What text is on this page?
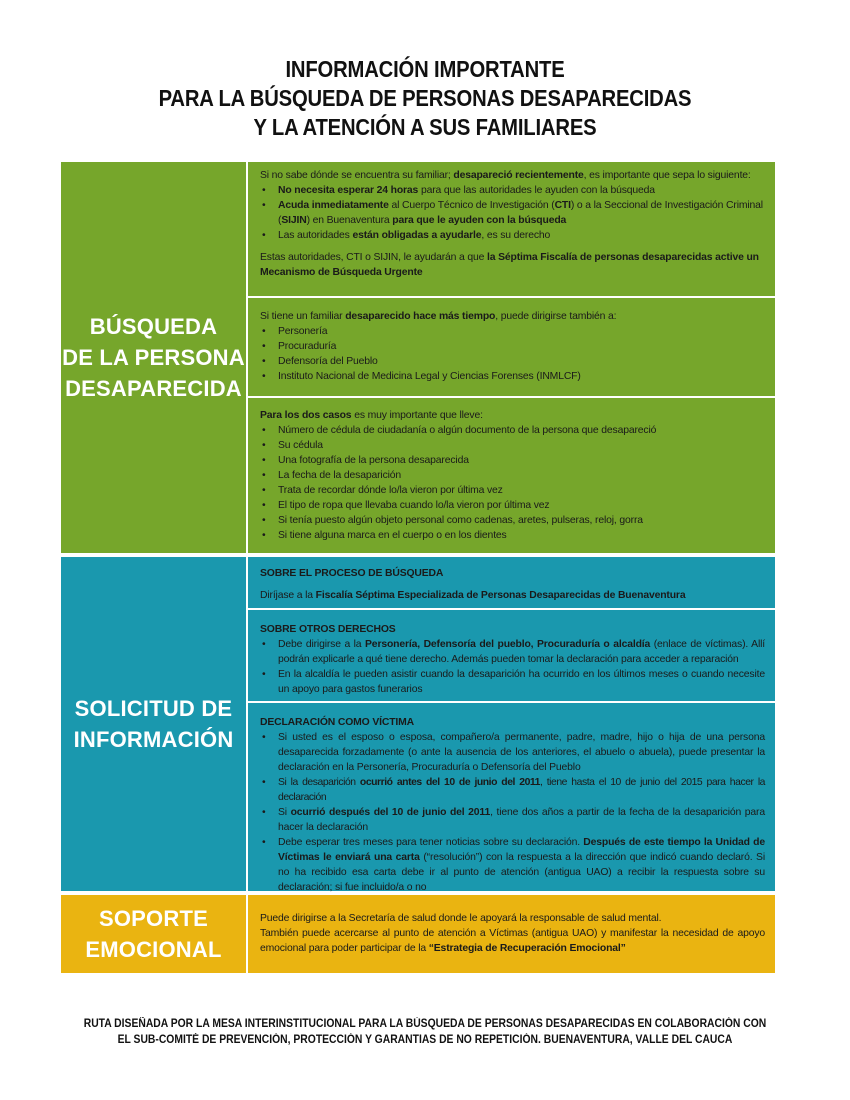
INFORMACIÓN IMPORTANTE
PARA LA BÚSQUEDA DE PERSONAS DESAPARECIDAS
Y LA ATENCIÓN A SUS FAMILIARES
BÚSQUEDA
DE LA PERSONA
DESAPARECIDA
Si no sabe dónde se encuentra su familiar; desapareció recientemente, es importante que sepa lo siguiente:
• No necesita esperar 24 horas para que las autoridades le ayuden con la búsqueda
• Acuda inmediatamente al Cuerpo Técnico de Investigación (CTI) o a la Seccional de Investigación Criminal (SIJIN) en Buenaventura para que le ayuden con la búsqueda
• Las autoridades están obligadas a ayudarle, es su derecho
Estas autoridades, CTI o SIJIN, le ayudarán a que la Séptima Fiscalía de personas desaparecidas active un Mecanismo de Búsqueda Urgente
Si tiene un familiar desaparecido hace más tiempo, puede dirigirse también a:
• Personería
• Procuraduría
• Defensoría del Pueblo
• Instituto Nacional de Medicina Legal y Ciencias Forenses (INMLCF)
Para los dos casos es muy importante que lleve:
• Número de cédula de ciudadanía o algún documento de la persona que desapareció
• Su cédula
• Una fotografía de la persona desaparecida
• La fecha de la desaparición
• Trata de recordar dónde lo/la vieron por última vez
• El tipo de ropa que llevaba cuando lo/la vieron por última vez
• Si tenía puesto algún objeto personal como cadenas, aretes, pulseras, reloj, gorra
• Si tiene alguna marca en el cuerpo o en los dientes
SOLICITUD DE
INFORMACIÓN
SOBRE EL PROCESO DE BÚSQUEDA
Diríjase a la Fiscalía Séptima Especializada de Personas Desaparecidas de Buenaventura
SOBRE OTROS DERECHOS
• Debe dirigirse a la Personería, Defensoría del pueblo, Procuraduría o alcaldía (enlace de víctimas). Allí podrán explicarle a qué tiene derecho. Además pueden tomar la declaración para acceder a reparación
• En la alcaldía le pueden asistir cuando la desaparición ha ocurrido en los últimos meses o cuando necesite un apoyo para gastos funerarios
DECLARACIÓN COMO VÍCTIMA
• Si usted es el esposo o esposa, compañero/a permanente, padre, madre, hijo o hija de una persona desaparecida forzadamente (o ante la ausencia de los anteriores, el abuelo o abuela), puede presentar la declaración en la Personería, Procuraduría o Defensoría del Pueblo
• Si la desaparición ocurrió antes del 10 de junio del 2011, tiene hasta el 10 de junio del 2015 para hacer la declaración
• Si ocurrió después del 10 de junio del 2011, tiene dos años a partir de la fecha de la desaparición para hacer la declaración
• Debe esperar tres meses para tener noticias sobre su declaración. Después de este tiempo la Unidad de Víctimas le enviará una carta (“resolución”) con la respuesta a la dirección que indicó cuando declaró. Si no ha recibido esa carta debe ir al punto de atención (antigua UAO) a recibir la respuesta sobre su declaración; si fue incluido/a o no
SOPORTE
EMOCIONAL
Puede dirigirse a la Secretaría de salud donde le apoyará la responsable de salud mental.
También puede acercarse al punto de atención a Víctimas (antigua UAO) y manifestar la necesidad de apoyo emocional para poder participar de la “Estrategia de Recuperación Emocional”
RUTA DISEÑADA POR LA MESA INTERINSTITUCIONAL PARA LA BÚSQUEDA DE PERSONAS DESAPARECIDAS EN COLABORACIÓN CON
EL SUB-COMITÉ DE PREVENCIÓN, PROTECCIÓN Y GARANTIAS DE NO REPETICIÓN. BUENAVENTURA, VALLE DEL CAUCA
